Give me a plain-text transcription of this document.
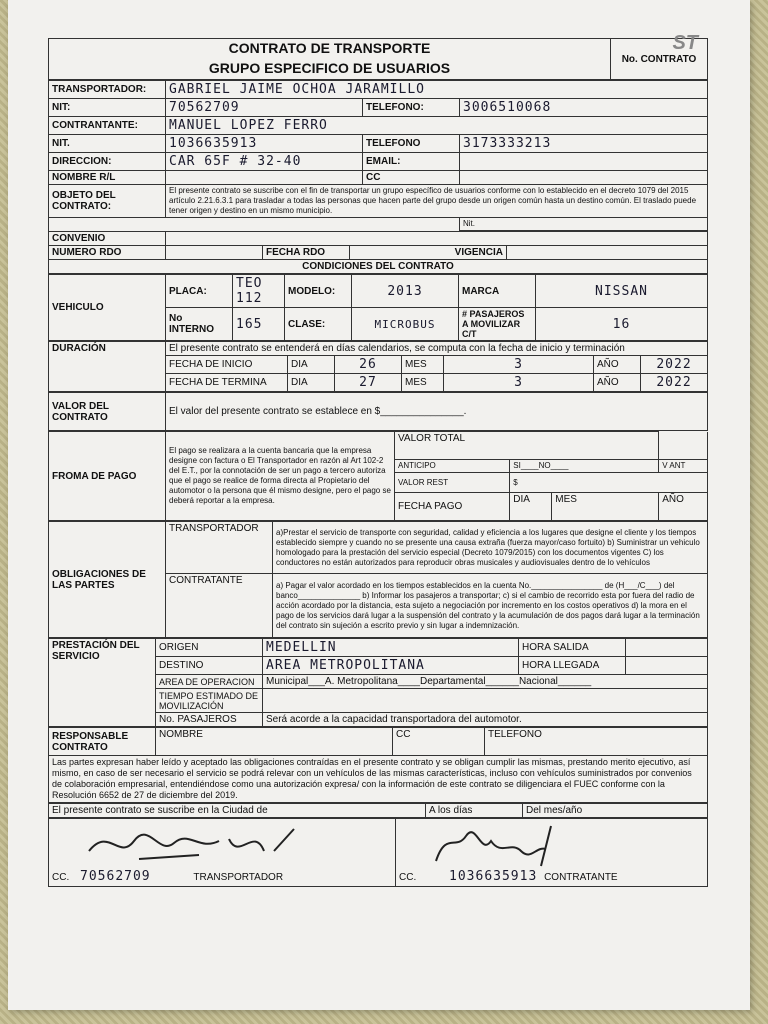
ST
CONTRATO DE TRANSPORTE	No. CONTRATO
GRUPO ESPECIFICO DE USUARIOS
TRANSPORTADOR:	GABRIEL JAIME OCHOA JARAMILLO		
NIT:	70562709	TELEFONO:	3006510068
CONTRANTANTE:	MANUEL LOPEZ FERRO		
NIT.	1036635913	TELEFONO	3173333213
DIRECCION:	CAR 65F # 32-40	EMAIL:	
NOMBRE R/L		CC	
OBJETO DEL CONTRATO:	El presente contrato se suscribe con el fin de transportar un grupo específico de usuarios conforme con lo establecido en el decreto 1079 del 2015 artículo 2.21.6.3.1 para trasladar a todas las personas que hacen parte del grupo desde un origen común hasta un destino común. El traslado puede tener origen y destino en un mismo municipio.		
			Nit.
CONVENIO				
NUMERO RDO		FECHA RDO	VIGENCIA	
CONDICIONES DEL CONTRATO				
VEHICULO	PLACA:	TEO 112	MODELO:	2013	MARCA	NISSAN
	No INTERNO	165	CLASE:	MICROBUS	# PASAJEROS A MOVILIZAR C/T	16
DURACIÓN	El presente contrato se entenderá en días calendarios, se computa con la fecha de inicio y terminación						
	FECHA DE INICIO	DIA	26	MES	3	AÑO	2022
	FECHA DE TERMINA	DIA	27	MES	3	AÑO	2022
VALOR DEL CONTRATO	El valor del presente contrato se establece en $_______________.
FROMA DE PAGO	El pago se realizara a la cuenta bancaria que la empresa designe con factura o El Transportador en razón al Art 102-2 del E.T., por la connotación de ser un pago a tercero autoriza que el pago se realice de forma directa al Propietario del automotor o la persona que él mismo designe, pero el pago se deberá reportar a la empresa.	VALOR TOTAL			
		ANTICIPO	SI____NO____		V ANT
		VALOR REST	$		
		FECHA PAGO	DIA	MES	AÑO
OBLIGACIONES DE LAS PARTES	TRANSPORTADOR	a)Prestar el servicio de transporte con seguridad, calidad y eficiencia a los lugares que designe el cliente y los tiempos establecido siempre y cuando no se presente una causa extraña (fuerza mayor/caso fortuito) b) Suministrar un vehiculo homologado para la prestación del servicio especial (Decreto 1079/2015) con los documentos vigentes C) los conductores no están autorizados para reproducir obras musicales y audiovisuales dentro de lo vehículos
	CONTRATANTE	a) Pagar el valor acordado en los tiempos establecidos en la cuenta No.________________ de (H___/C___) del banco______________ b) Informar los pasajeros a transportar; c) si el cambio de recorrido esta por fuera del radio de acción acordado por la distancia, esta sujeto a negociación por incremento en los costos operativos d) la mora en el pago de los servicios dará lugar a la suspensión del contrato y la acumulación de dos pagos dará lugar a la terminación del contrato sin sujeción a escrito previo y sin lugar a indemnización.
PRESTACIÓN DEL SERVICIO	ORIGEN	MEDELLIN	HORA SALIDA	
	DESTINO	AREA METROPOLITANA	HORA LLEGADA	
	AREA DE OPERACION	Municipal___A. Metropolitana____Departamental______Nacional______		
	TIEMPO ESTIMADO DE MOVILIZACIÓN			
	No. PASAJEROS	Será acorde a la capacidad transportadora del automotor.		
RESPONSABLE CONTRATO	NOMBRE	CC	TELEFONO
Las partes expresan haber leído y aceptado las obligaciones contraídas en el presente contrato y se obligan cumplir las mismas, prestando merito ejecutivo, así mismo, en caso de ser necesario el servicio se podrá relevar con un vehículos de las mismas características, incluso con vehículos suministrados por convenios de colaboración empresarial, entendiéndose como una autorización expresa/ con la información de este contrato se diligenciara el FUEC conforme con la Resolución 6652 de 27 de diciembre del 2019.
El presente contrato se suscribe en la Ciudad de	A los días	Del mes/año

CC. 70562709 TRANSPORTADOR	CC. 1036635913 CONTRATANTE
